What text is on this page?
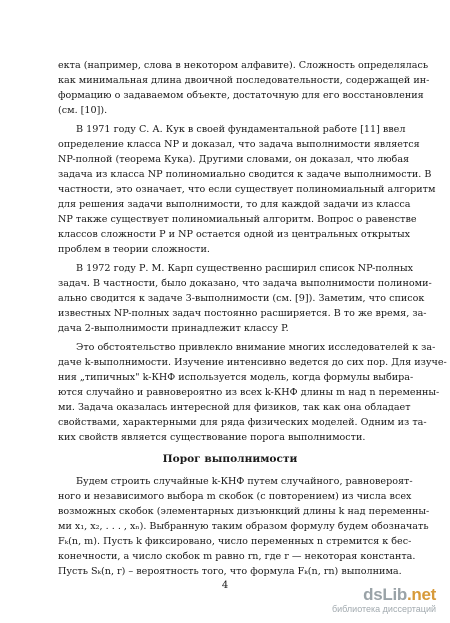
екта (например, слова в некотором алфавите). Сложность определялась
как минимальная длина двоичной последовательности, содержащей ин-
формацию о задаваемом объекте, достаточную для его восстановления
(см. [10]).
В 1971 году С. А. Кук в своей фундаментальной работе [11] ввел
определение класса NP и доказал, что задача выполнимости является
NP-полной (теорема Кука). Другими словами, он доказал, что любая
задача из класса NP полиномиально сводится к задаче выполнимости. В
частности, это означает, что если существует полиномиальный алгоритм
для решения задачи выполнимости, то для каждой задачи из класса
NP также существует полиномиальный алгоритм. Вопрос о равенстве
классов сложности P и NP остается одной из центральных открытых
проблем в теории сложности.
В 1972 году Р. М. Карп существенно расширил список NP-полных
задач. В частности, было доказано, что задача выполнимости полиноми-
ально сводится к задаче 3-выполнимости (см. [9]). Заметим, что список
известных NP-полных задач постоянно расширяется. В то же время, за-
дача 2-выполнимости принадлежит классу P.
Это обстоятельство привлекло внимание многих исследователей к за-
даче k-выполнимости. Изучение интенсивно ведется до сих пор. Для изуче-
ния „типичных" k-КНФ используется модель, когда формулы выбира-
ются случайно и равновероятно из всех k-КНФ длины m над n переменны-
ми. Задача оказалась интересной для физиков, так как она обладает
свойствами, характерными для ряда физических моделей. Одним из та-
ких свойств является существование порога выполнимости.
Порог выполнимости
Будем строить случайные k-КНФ путем случайного, равновероят-
ного и независимого выбора m скобок (с повторением) из числа всех
возможных скобок (элементарных дизъюнкций длины k над переменны-
ми x₁, x₂, . . . , xₙ). Выбранную таким образом формулу будем обозначать
Fₖ(n, m). Пусть k фиксировано, число переменных n стремится к бес-
конечности, а число скобок m равно rn, где r — некоторая константа.
Пусть Sₖ(n, r) – вероятность того, что формула Fₖ(n, rn) выполнима.
4	dsLib.net
библиотека диссертаций
